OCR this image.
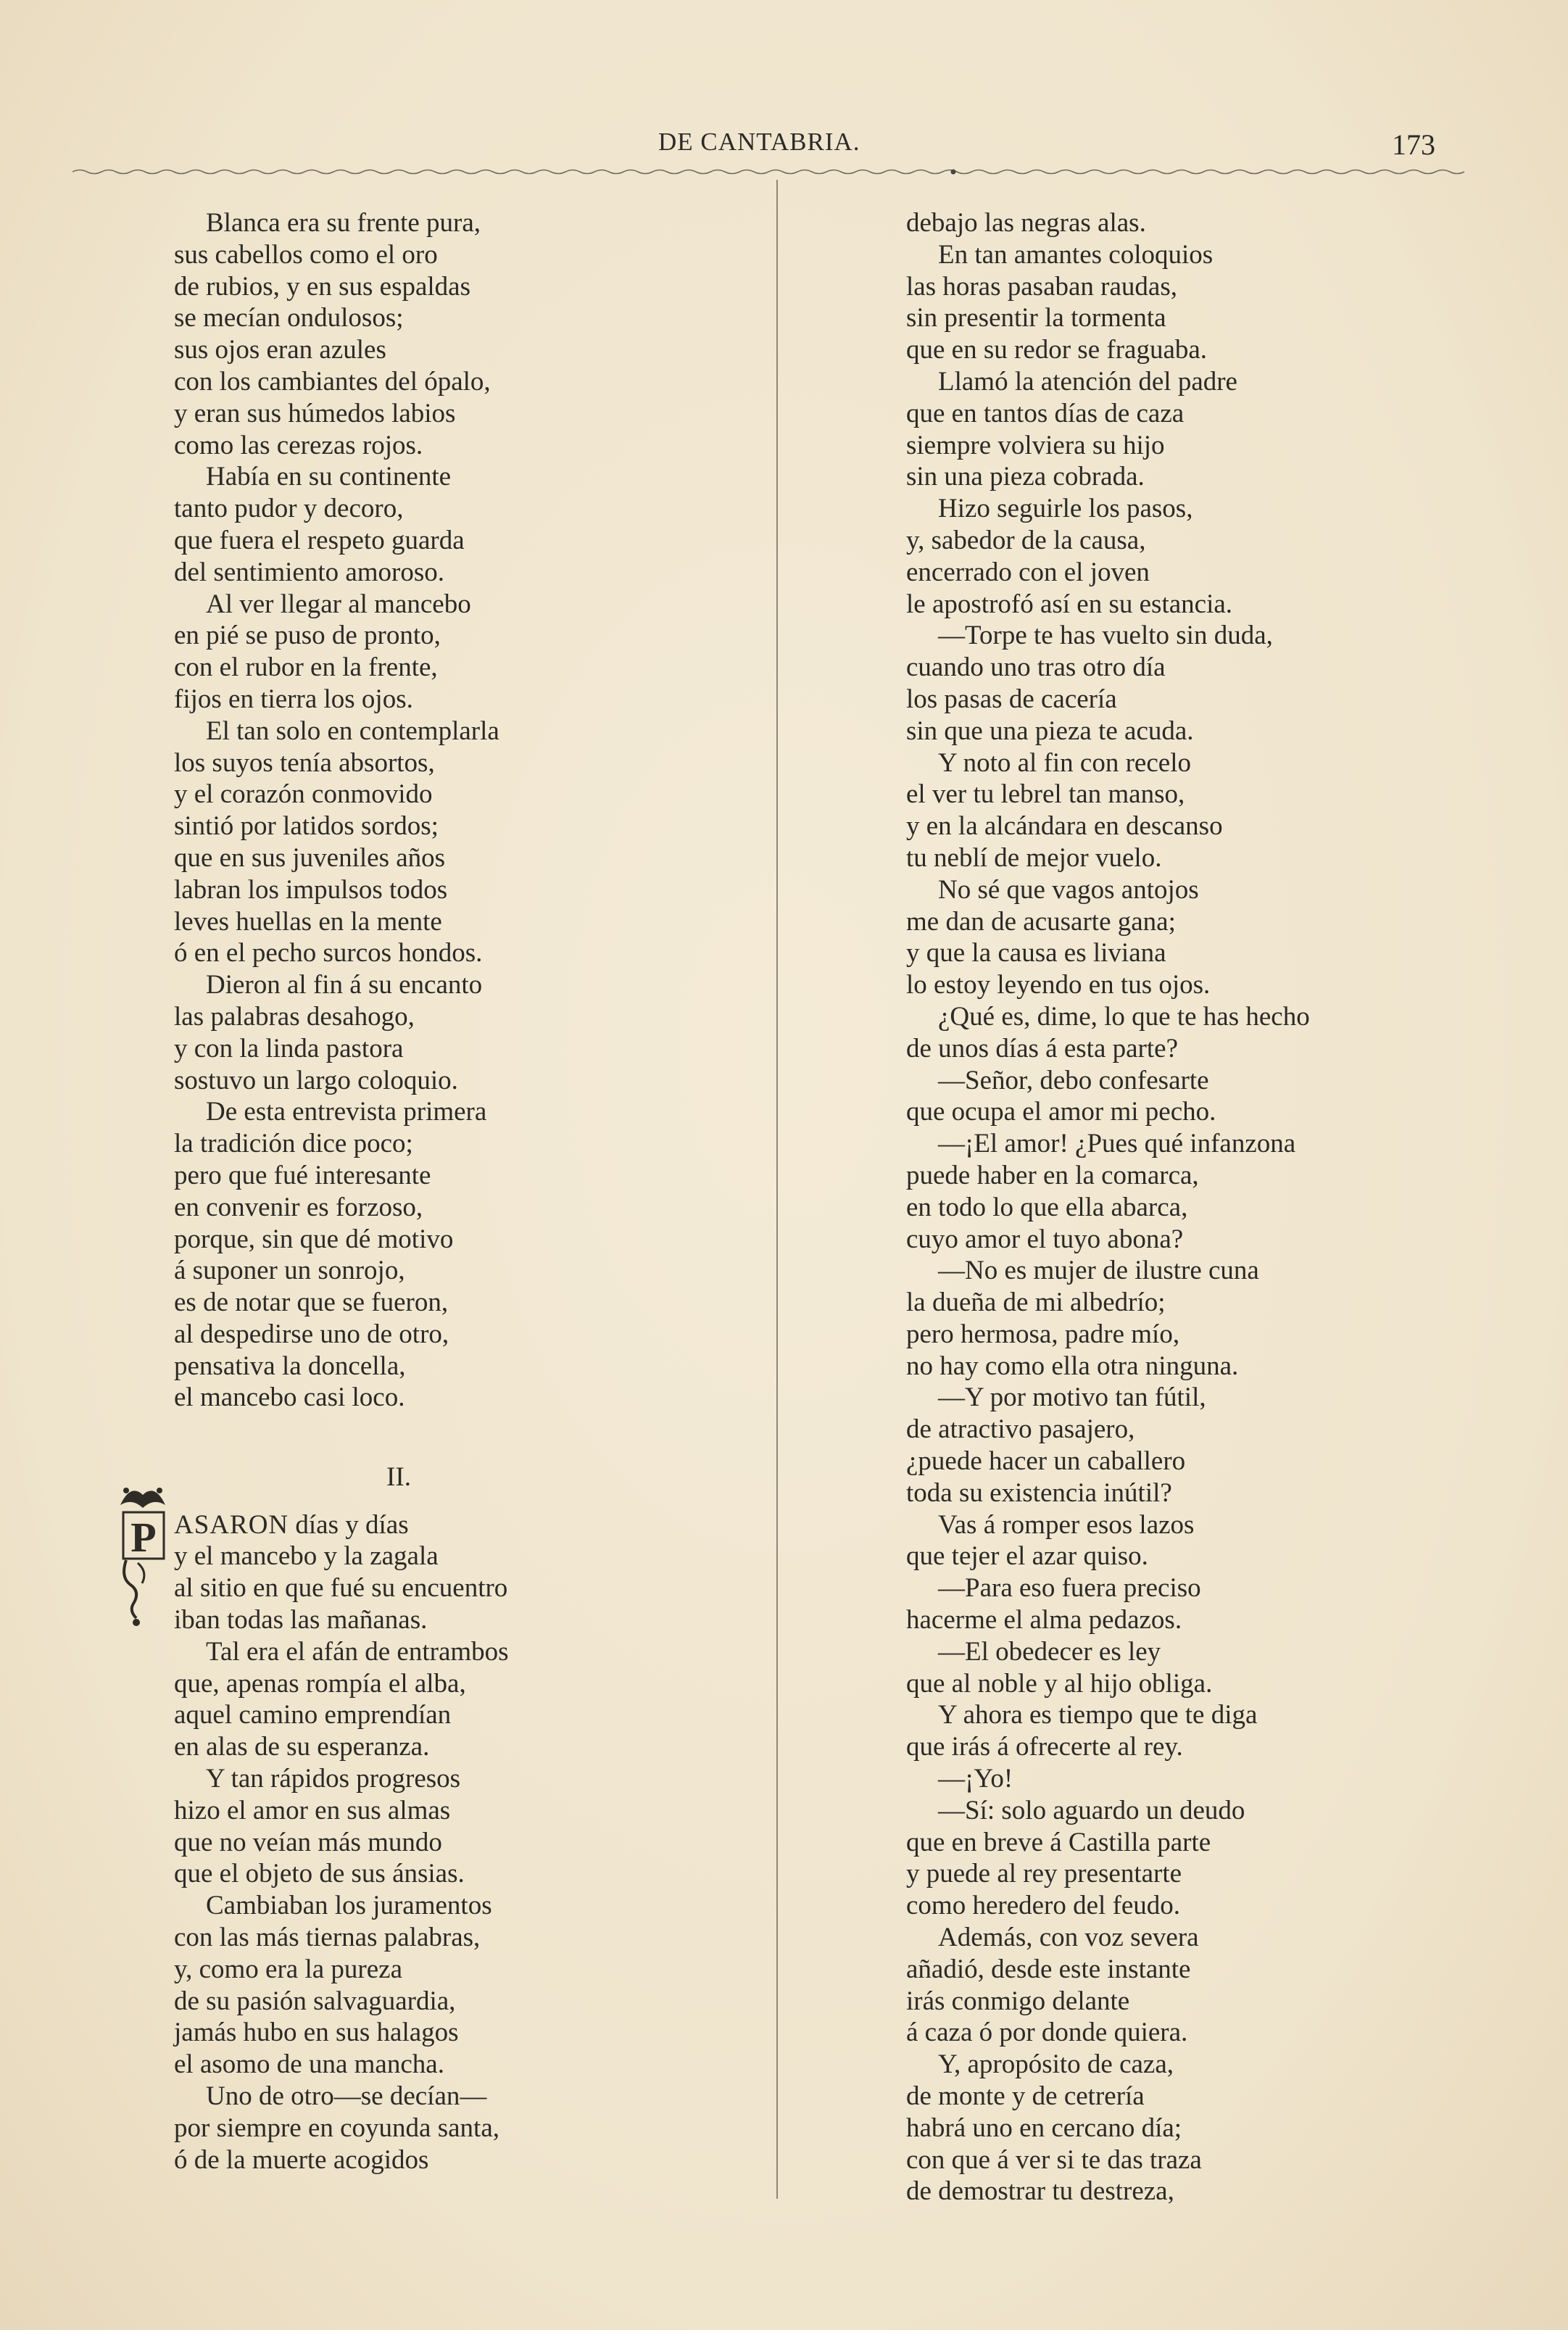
DE CANTABRIA.	173
Blanca era su frente pura,
sus cabellos como el oro
de rubios, y en sus espaldas
se mecían ondulosos;
sus ojos eran azules
con los cambiantes del ópalo,
y eran sus húmedos labios
como las cerezas rojos.
Había en su continente
tanto pudor y decoro,
que fuera el respeto guarda
del sentimiento amoroso.
Al ver llegar al mancebo
en pié se puso de pronto,
con el rubor en la frente,
fijos en tierra los ojos.
El tan solo en contemplarla
los suyos tenía absortos,
y el corazón conmovido
sintió por latidos sordos;
que en sus juveniles años
labran los impulsos todos
leves huellas en la mente
ó en el pecho surcos hondos.
Dieron al fin á su encanto
las palabras desahogo,
y con la linda pastora
sostuvo un largo coloquio.
De esta entrevista primera
la tradición dice poco;
pero que fué interesante
en convenir es forzoso,
porque, sin que dé motivo
á suponer un sonrojo,
es de notar que se fueron,
al despedirse uno de otro,
pensativa la doncella,
el mancebo casi loco.
II.
P ASARON días y días
y el mancebo y la zagala
al sitio en que fué su encuentro
iban todas las mañanas.
Tal era el afán de entrambos
que, apenas rompía el alba,
aquel camino emprendían
en alas de su esperanza.
Y tan rápidos progresos
hizo el amor en sus almas
que no veían más mundo
que el objeto de sus ánsias.
Cambiaban los juramentos
con las más tiernas palabras,
y, como era la pureza
de su pasión salvaguardia,
jamás hubo en sus halagos
el asomo de una mancha.
Uno de otro—se decían—
por siempre en coyunda santa,
ó de la muerte acogidos
debajo las negras alas.
En tan amantes coloquios
las horas pasaban raudas,
sin presentir la tormenta
que en su redor se fraguaba.
Llamó la atención del padre
que en tantos días de caza
siempre volviera su hijo
sin una pieza cobrada.
Hizo seguirle los pasos,
y, sabedor de la causa,
encerrado con el joven
le apostrofó así en su estancia.
—Torpe te has vuelto sin duda,
cuando uno tras otro día
los pasas de cacería
sin que una pieza te acuda.
Y noto al fin con recelo
el ver tu lebrel tan manso,
y en la alcándara en descanso
tu neblí de mejor vuelo.
No sé que vagos antojos
me dan de acusarte gana;
y que la causa es liviana
lo estoy leyendo en tus ojos.
¿Qué es, dime, lo que te has hecho
de unos días á esta parte?
—Señor, debo confesarte
que ocupa el amor mi pecho.
—¡El amor! ¿Pues qué infanzona
puede haber en la comarca,
en todo lo que ella abarca,
cuyo amor el tuyo abona?
—No es mujer de ilustre cuna
la dueña de mi albedrío;
pero hermosa, padre mío,
no hay como ella otra ninguna.
—Y por motivo tan fútil,
de atractivo pasajero,
¿puede hacer un caballero
toda su existencia inútil?
Vas á romper esos lazos
que tejer el azar quiso.
—Para eso fuera preciso
hacerme el alma pedazos.
—El obedecer es ley
que al noble y al hijo obliga.
Y ahora es tiempo que te diga
que irás á ofrecerte al rey.
—¡Yo!
—Sí: solo aguardo un deudo
que en breve á Castilla parte
y puede al rey presentarte
como heredero del feudo.
Además, con voz severa
añadió, desde este instante
irás conmigo delante
á caza ó por donde quiera.
Y, apropósito de caza,
de monte y de cetrería
habrá uno en cercano día;
con que á ver si te das traza
de demostrar tu destreza,
